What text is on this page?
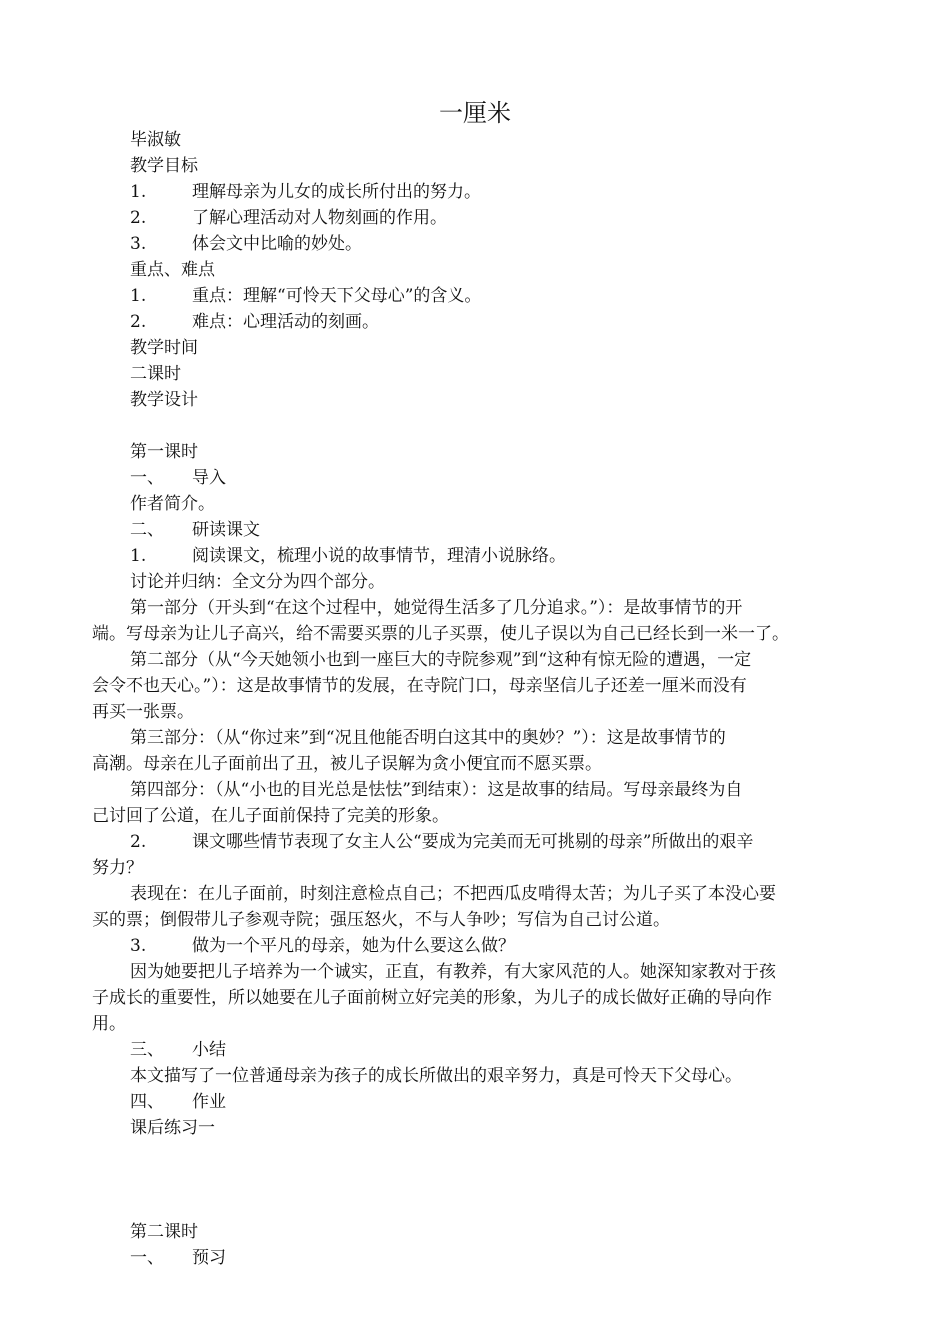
一厘米
毕淑敏
教学目标
1.	理解母亲为儿女的成长所付出的努力。
2.	了解心理活动对人物刻画的作用。
3.	体会文中比喻的妙处。
重点、难点
1.	重点：理解“可怜天下父母心”的含义。
2.	难点：心理活动的刻画。
教学时间
二课时
教学设计
第一课时
一、 导入
作者简介。
二、 研读课文
1.	阅读课文，梳理小说的故事情节，理清小说脉络。
讨论并归纳：全文分为四个部分。
第一部分（开头到“在这个过程中，她觉得生活多了几分追求。”）：是故事情节的开
端。写母亲为让儿子高兴，给不需要买票的儿子买票，使儿子误以为自己已经长到一米一了。
第二部分（从“今天她领小也到一座巨大的寺院参观”到“这种有惊无险的遭遇，一定
会令不也天心。”）：这是故事情节的发展，在寺院门口，母亲坚信儿子还差一厘米而没有
再买一张票。
第三部分：（从“你过来”到“况且他能否明白这其中的奥妙？”）：这是故事情节的
高潮。母亲在儿子面前出了丑，被儿子误解为贪小便宜而不愿买票。
第四部分：（从“小也的目光总是怯怯”到结束）：这是故事的结局。写母亲最终为自
己讨回了公道，在儿子面前保持了完美的形象。
2.	课文哪些情节表现了女主人公“要成为完美而无可挑剔的母亲”所做出的艰辛
努力？
表现在：在儿子面前，时刻注意检点自己；不把西瓜皮啃得太苦；为儿子买了本没心要
买的票；倒假带儿子参观寺院；强压怒火，不与人争吵；写信为自己讨公道。
3.	做为一个平凡的母亲，她为什么要这么做？
因为她要把儿子培养为一个诚实，正直，有教养，有大家风范的人。她深知家教对于孩
子成长的重要性，所以她要在儿子面前树立好完美的形象，为儿子的成长做好正确的导向作
用。
三、 小结
本文描写了一位普通母亲为孩子的成长所做出的艰辛努力，真是可怜天下父母心。
四、 作业
课后练习一
第二课时
一、 预习
